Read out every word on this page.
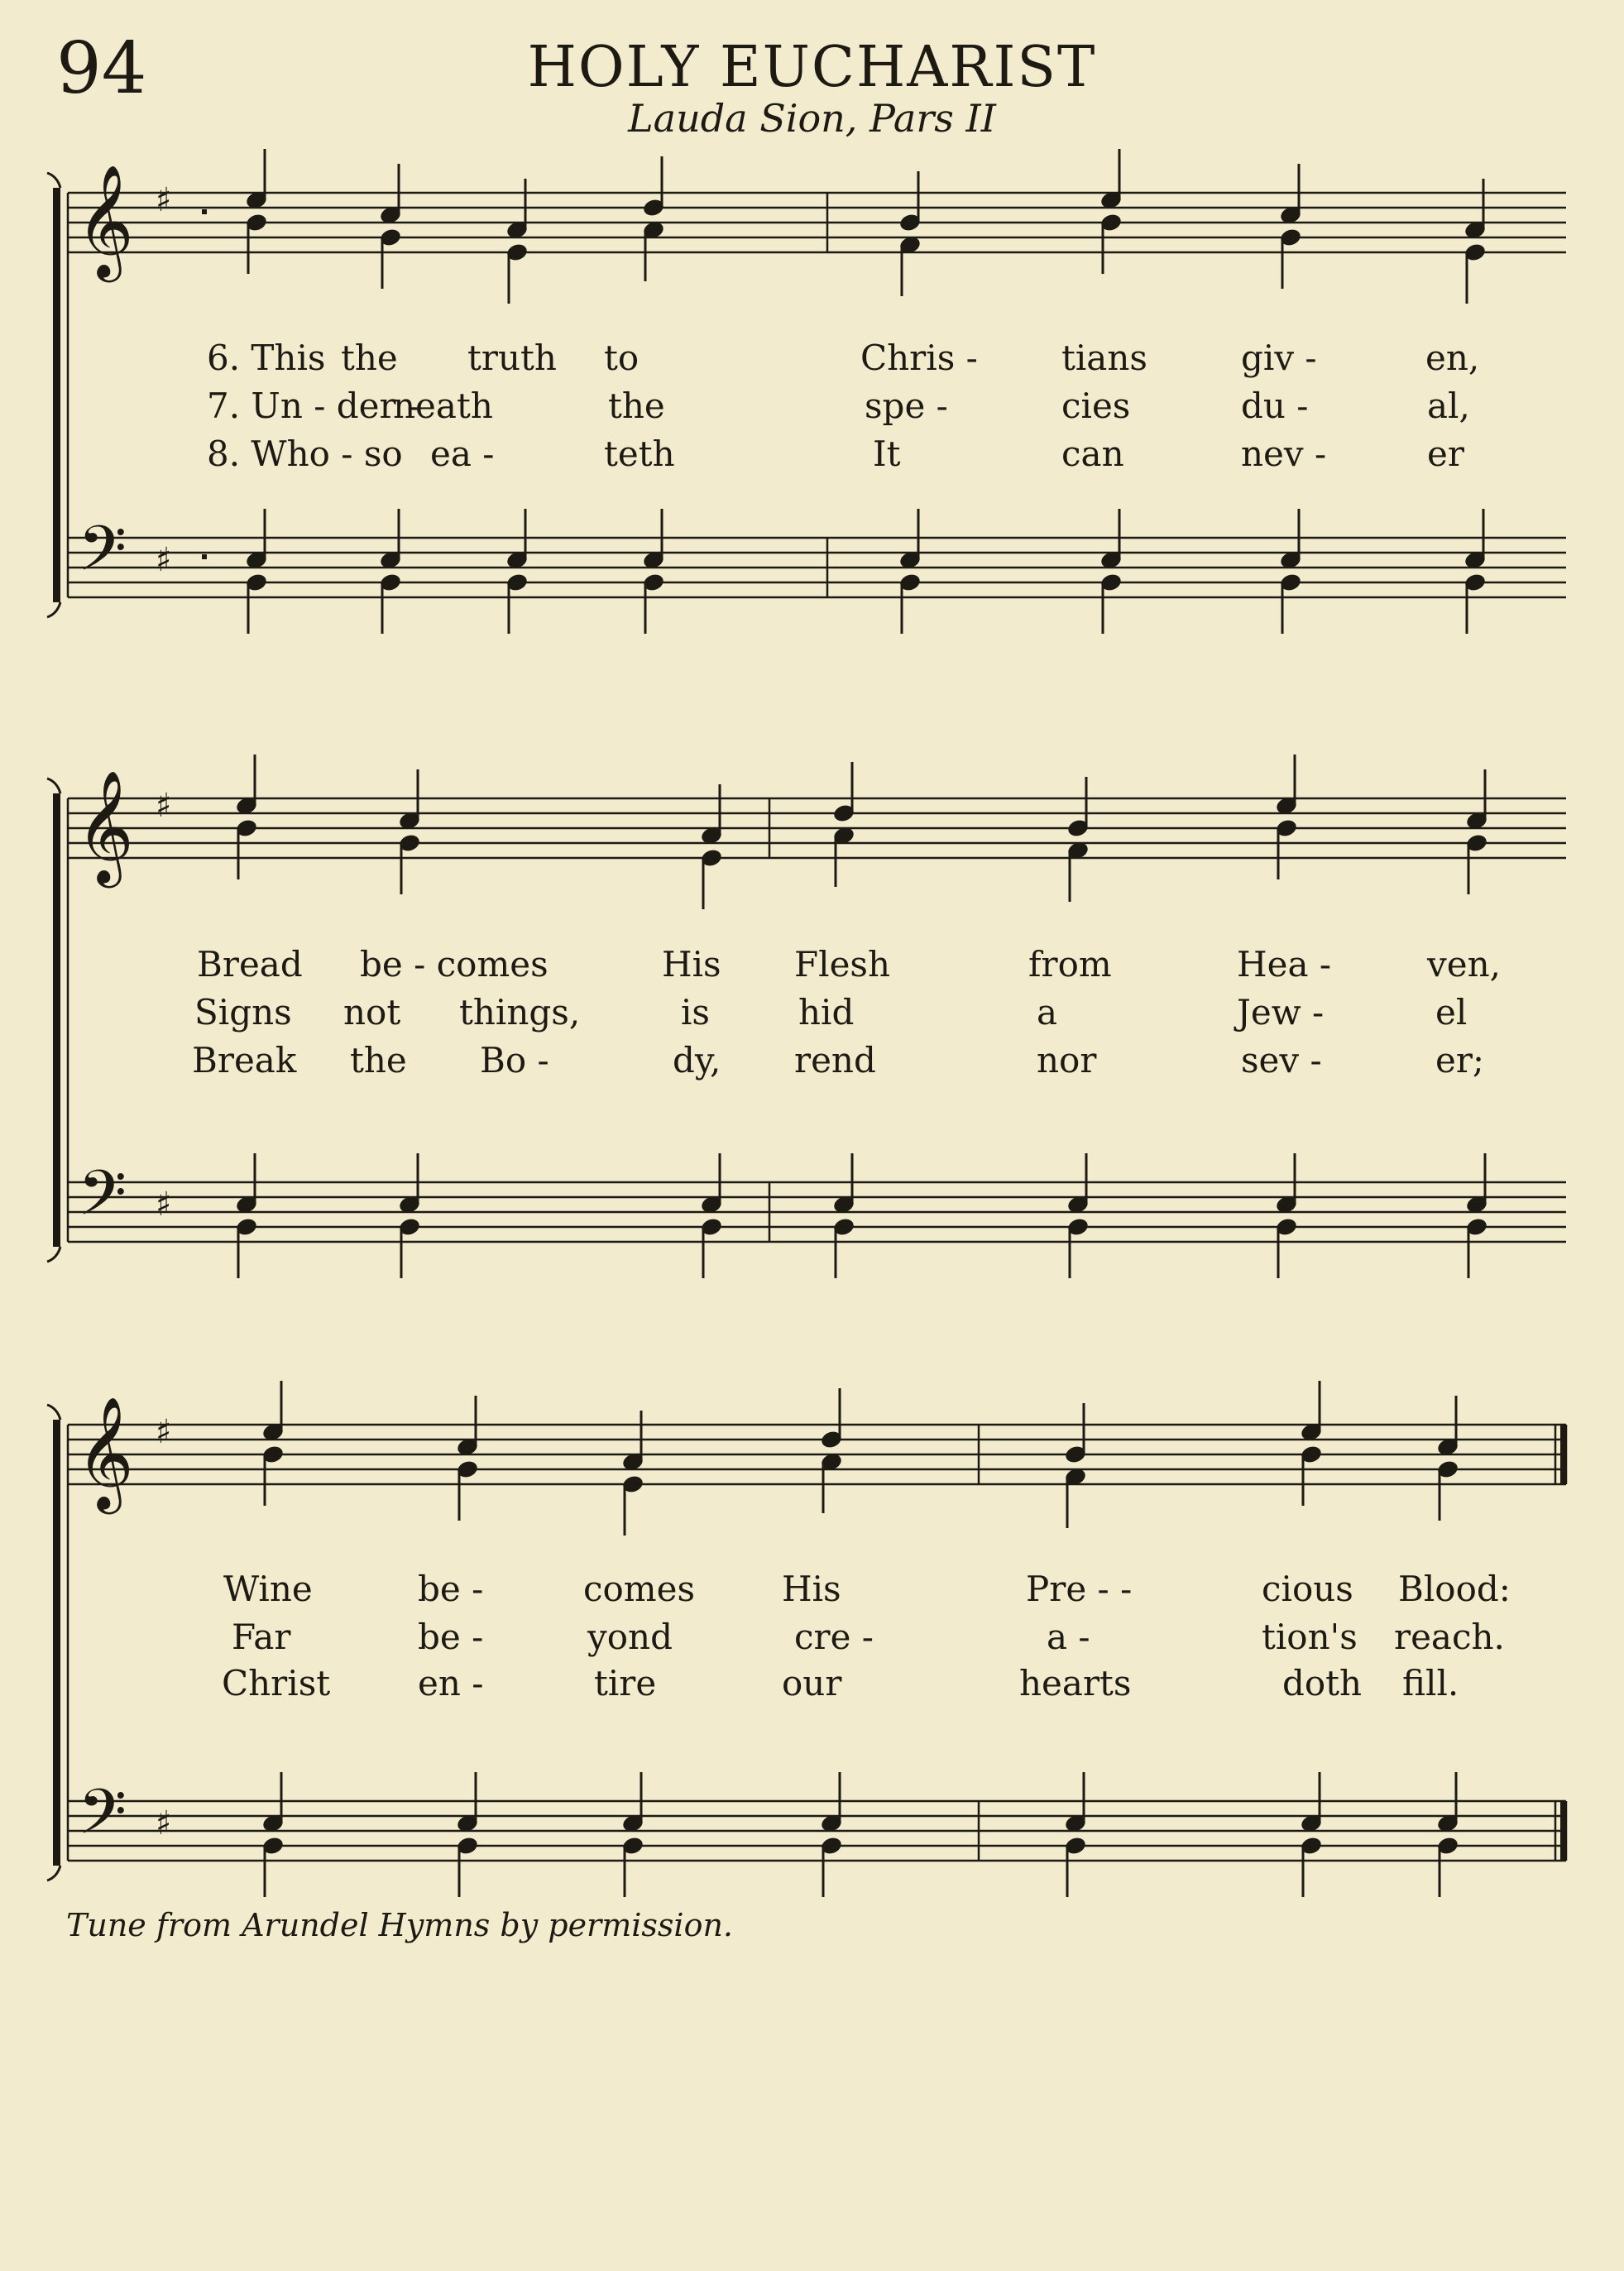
94	HOLY EUCHARIST
Lauda Sion, Pars II
𝄞
𝄢
♯
♯
𝄞
𝄢
♯
♯
𝄞
𝄢
♯
♯
6. This the truth to	Chris - tians	giv -	en,
7. Un - der -
neath	the	spe -	cies	du -	al,
8. Who - so ea -	teth	It	can	nev -	er
Bread be - comes	His Flesh	from	Hea -	ven,
Signs not things,	is	hid	a	Jew -	el
Break the Bo -	dy, rend	nor	sev -	er;
Wine	be -	comes His	Pre - -	cious Blood:
Far	be -	yond	cre -	a -	tion's reach.
Christ	en -	tire	our	hearts	doth fill.
Tune from Arundel Hymns by permission.
